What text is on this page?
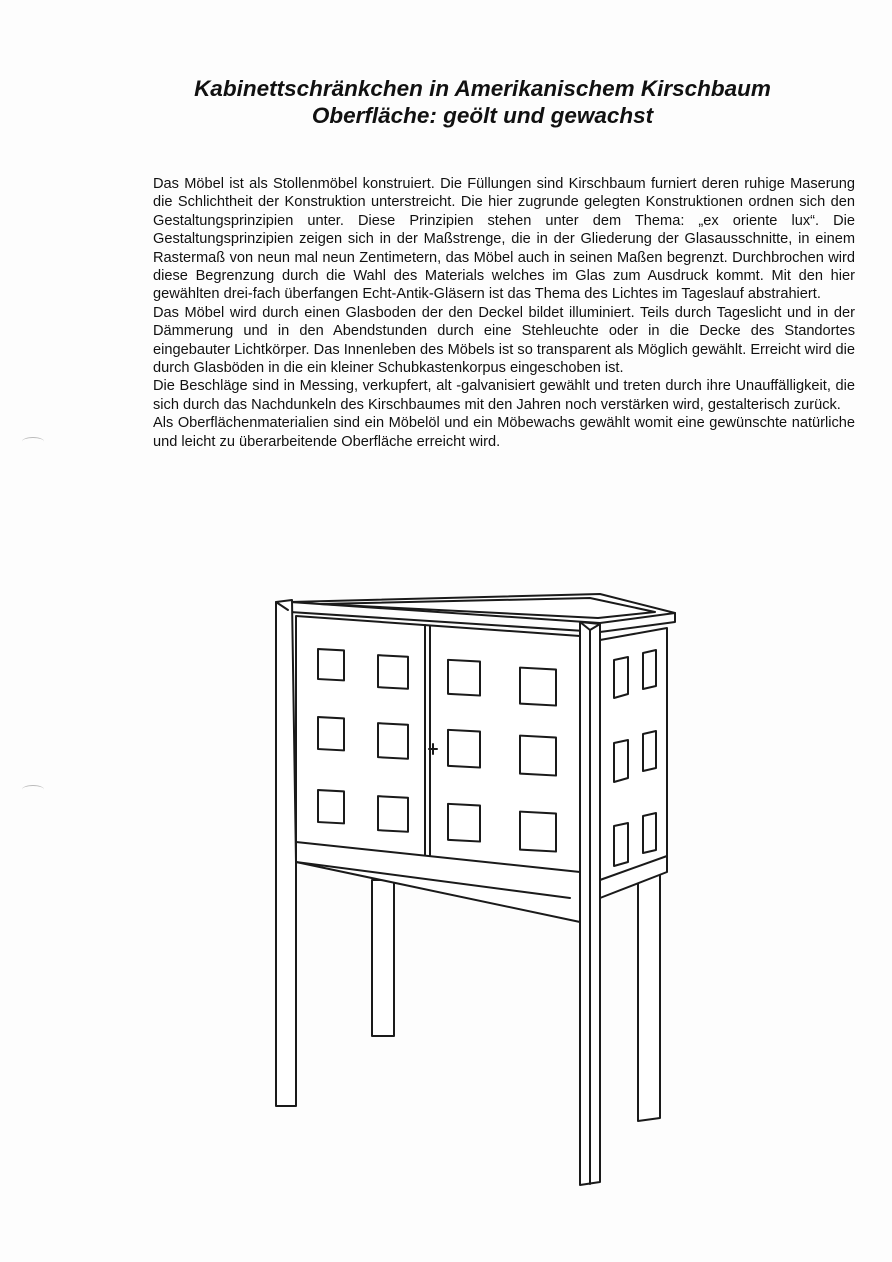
Kabinettschränkchen in Amerikanischem Kirschbaum
Oberfläche: geölt und gewachst

Das Möbel ist als Stollenmöbel konstruiert. Die Füllungen sind Kirschbaum furniert deren ruhige Maserung die Schlichtheit der Konstruktion unterstreicht. Die hier zugrunde gelegten Konstruktionen ordnen sich den Gestaltungsprinzipien unter. Diese Prinzipien stehen unter dem Thema: „ex oriente lux“. Die Gestaltungsprinzipien zeigen sich in der Maßstrenge, die in der Gliederung der Glasausschnitte, in einem Rastermaß von neun mal neun Zentimetern, das Möbel auch in seinen Maßen begrenzt. Durchbrochen wird diese Begrenzung durch die Wahl des Materials welches im Glas zum Ausdruck kommt. Mit den hier gewählten drei-fach überfangen Echt-Antik-Gläsern ist das Thema des Lichtes im Tageslauf abstrahiert.

Das Möbel wird durch einen Glasboden der den Deckel bildet illuminiert. Teils durch Tageslicht und in der Dämmerung und in den Abendstunden durch eine Stehleuchte oder in die Decke des Standortes eingebauter Lichtkörper. Das Innenleben des Möbels ist so transparent als Möglich gewählt. Erreicht wird die durch Glasböden in die ein kleiner Schubkastenkorpus eingeschoben ist.

Die Beschläge sind in Messing, verkupfert, alt -galvanisiert gewählt und treten durch ihre Unauffälligkeit, die sich durch das Nachdunkeln des Kirschbaumes mit den Jahren noch verstärken wird, gestalterisch zurück.

Als Oberflächenmaterialien sind ein Möbelöl und ein Möbewachs gewählt womit eine gewünschte natürliche und leicht zu überarbeitende Oberfläche erreicht wird.
